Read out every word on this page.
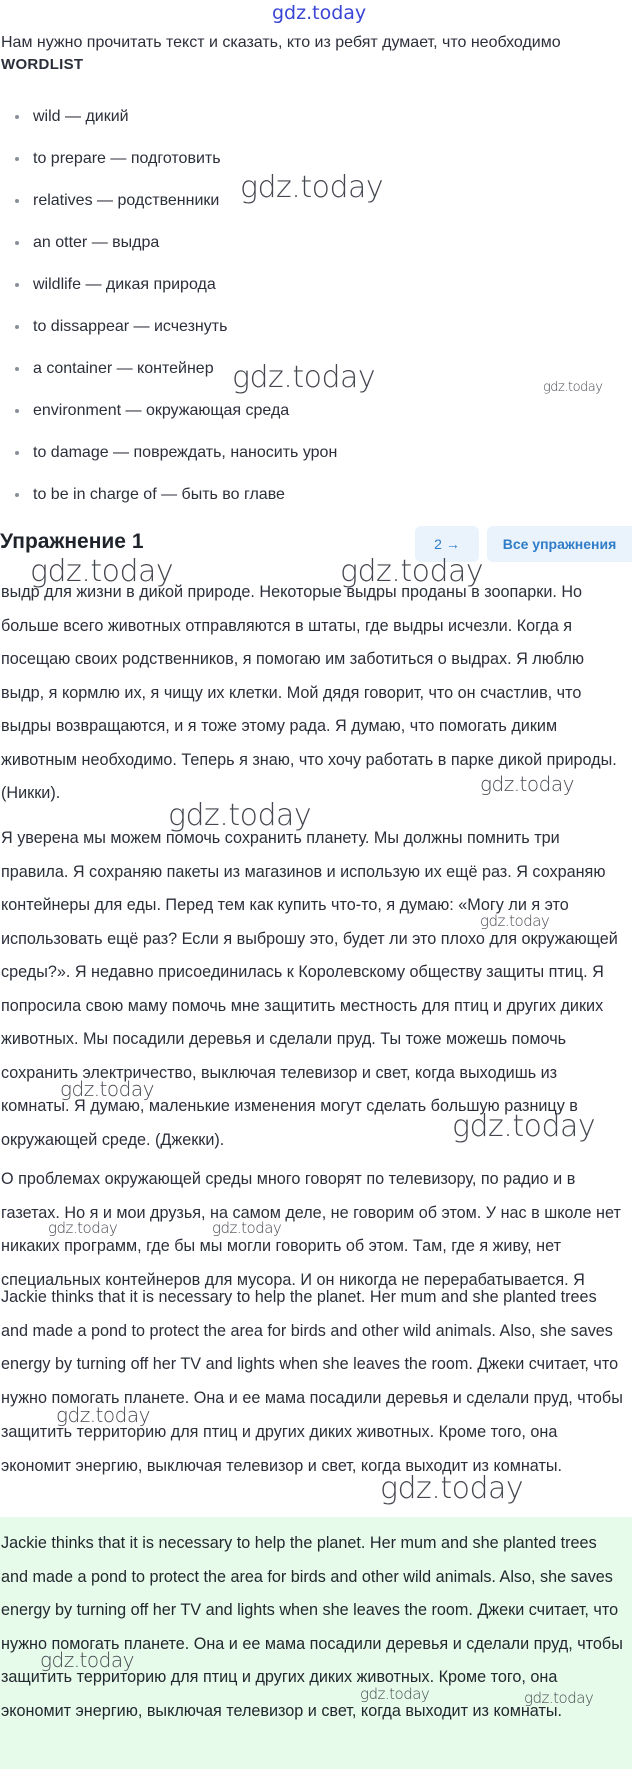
gdz.today

Нам нужно прочитать текст и сказать, кто из ребят думает, что необходимо

WORDLIST

wild — дикий
to prepare — подготовить
relatives — родственники
an otter — выдра
wildlife — дикая природа
to dissappear — исчезнуть
a container — контейнер
environment — окружающая среда
to damage — повреждать, наносить урон
to be in charge of — быть во главе
Упражнение 1	2 →	Все упражнения

выдр для жизни в дикой природе. Некоторые выдры проданы в зоопарки. Но больше всего животных отправляются в штаты, где выдры исчезли. Когда я посещаю своих родственников, я помогаю им заботиться о выдрах. Я люблю выдр, я кормлю их, я чищу их клетки. Мой дядя говорит, что он счастлив, что выдры возвращаются, и я тоже этому рада. Я думаю, что помогать диким животным необходимо. Теперь я знаю, что хочу работать в парке дикой природы. (Никки).

Я уверена мы можем помочь сохранить планету. Мы должны помнить три правила. Я сохраняю пакеты из магазинов и использую их ещё раз. Я сохраняю контейнеры для еды. Перед тем как купить что-то, я думаю: «Могу ли я это использовать ещё раз? Если я выброшу это, будет ли это плохо для окружающей среды?». Я недавно присоединилась к Королевскому обществу защиты птиц. Я попросила свою маму помочь мне защитить местность для птиц и других диких животных. Мы посадили деревья и сделали пруд. Ты тоже можешь помочь сохранить электричество, выключая телевизор и свет, когда выходишь из комнаты. Я думаю, маленькие изменения могут сделать большую разницу в окружающей среде. (Джекки).

О проблемах окружающей среды много говорят по телевизору, по радио и в газетах. Но я и мои друзья, на самом деле, не говорим об этом. У нас в школе нет никаких программ, где бы мы могли говорить об этом. Там, где я живу, нет специальных контейнеров для мусора. И он никогда не перерабатывается. Я

Jackie thinks that it is necessary to help the planet. Her mum and she planted trees and made a pond to protect the area for birds and other wild animals. Also, she saves energy by turning off her TV and lights when she leaves the room. Джеки считает, что нужно помогать планете. Она и ее мама посадили деревья и сделали пруд, чтобы защитить территорию для птиц и других диких животных. Кроме того, она экономит энергию, выключая телевизор и свет, когда выходит из комнаты.

Jackie thinks that it is necessary to help the planet. Her mum and she planted trees and made a pond to protect the area for birds and other wild animals. Also, she saves energy by turning off her TV and lights when she leaves the room. Джеки считает, что нужно помогать планете. Она и ее мама посадили деревья и сделали пруд, чтобы защитить территорию для птиц и других диких животных. Кроме того, она экономит энергию, выключая телевизор и свет, когда выходит из комнаты.

gdz.today
gdz.today	gdz.today
gdz.today	gdz.today
gdz.today
gdz.today
gdz.today
gdz.today
gdz.today
gdz.today	gdz.today
gdz.today
gdz.today
gdz.today
gdz.today	gdz.today
